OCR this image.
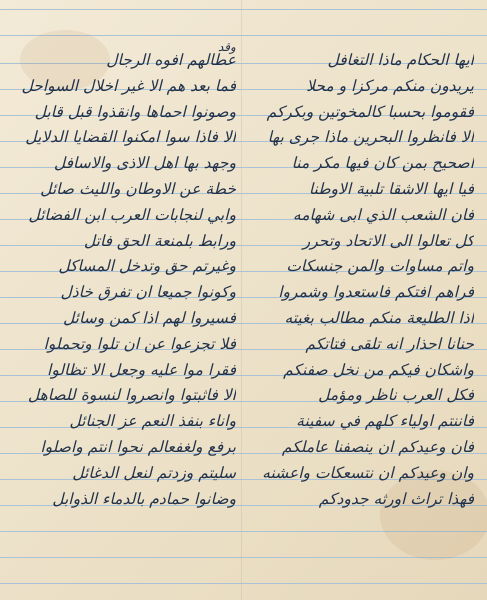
وقد
ايها الحكام ماذا التغافل
يريدون منكم مركزا و محلا
فقوموا بحسبا كالمخوتين وبكركم
الا فانظروا البحرين ماذا جرى بها
اصحيح بمن كان فيها مكر منا
فيا ايها الاشقا تلبية الاوطنا
فان الشعب الذي ابى شهامه
كل تعالوا الى الاتحاد وتحرر
واتم مساوات والمن جنسكات
فراهم افتكم فاستعدوا وشمروا
اذا الطليعة منكم مطالب بغيته
حنانا احذار انه تلقى فتاتكم
واشكان فيكم من نخل صفنكم
فكل العرب ناظر ومؤمل
فاننتم اولياء كلهم في سفينة
فان وعيدكم ان ينصفنا عاملكم
وان وعيدكم ان نتسعكات واعشنه
فهذا تراث اورثه جدودكم
عطالهم افوه الرجال
فما بعد هم الا غير اخلال السواحل
وصونوا احماها وانقذوا قبل قابل
الا فاذا سوا امكنوا القضايا الدلايل
وجهد بها اهل الاذى والاسافل
خطة عن الاوطان والليث صائل
وابي لنجابات العرب ابن الفضائل
ورابط بلمنعة الحق فاتل
وغيرتم حق وتدخل المساكل
وكونوا جميعا ان تفرق خاذل
فسيروا لهم اذا كمن وسائل
فلا تجزعوا عن ان تلوا وتحملوا
فقرا موا عليه وجعل الا تظالوا
الا فاثبتوا وانصروا لنسوة للصاهل
واناء بنفذ النعم عز الجنائل
برفع ولغفعالم نحوا انتم واصلوا
سليتم وزدتم لنعل الدغائل
وضانوا حمادم بالدماء الذوابل
